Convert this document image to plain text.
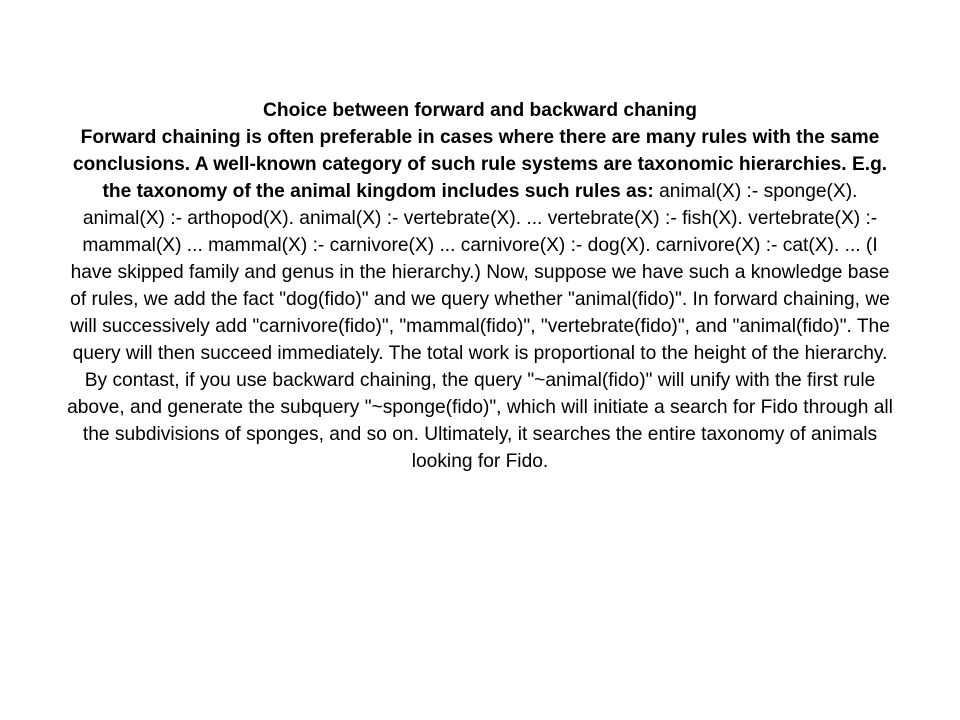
Choice between forward and backward chaning

Forward chaining is often preferable in cases where there are many rules with the same conclusions. A well-known category of such rule systems are taxonomic hierarchies. E.g. the taxonomy of the animal kingdom includes such rules as: animal(X) :- sponge(X). animal(X) :- arthopod(X). animal(X) :- vertebrate(X). ... vertebrate(X) :- fish(X). vertebrate(X) :- mammal(X) ... mammal(X) :- carnivore(X) ... carnivore(X) :- dog(X). carnivore(X) :- cat(X). ... (I have skipped family and genus in the hierarchy.) Now, suppose we have such a knowledge base of rules, we add the fact "dog(fido)" and we query whether "animal(fido)". In forward chaining, we will successively add "carnivore(fido)", "mammal(fido)", "vertebrate(fido)", and "animal(fido)". The query will then succeed immediately. The total work is proportional to the height of the hierarchy. By contast, if you use backward chaining, the query "~animal(fido)" will unify with the first rule above, and generate the subquery "~sponge(fido)", which will initiate a search for Fido through all the subdivisions of sponges, and so on. Ultimately, it searches the entire taxonomy of animals looking for Fido.
